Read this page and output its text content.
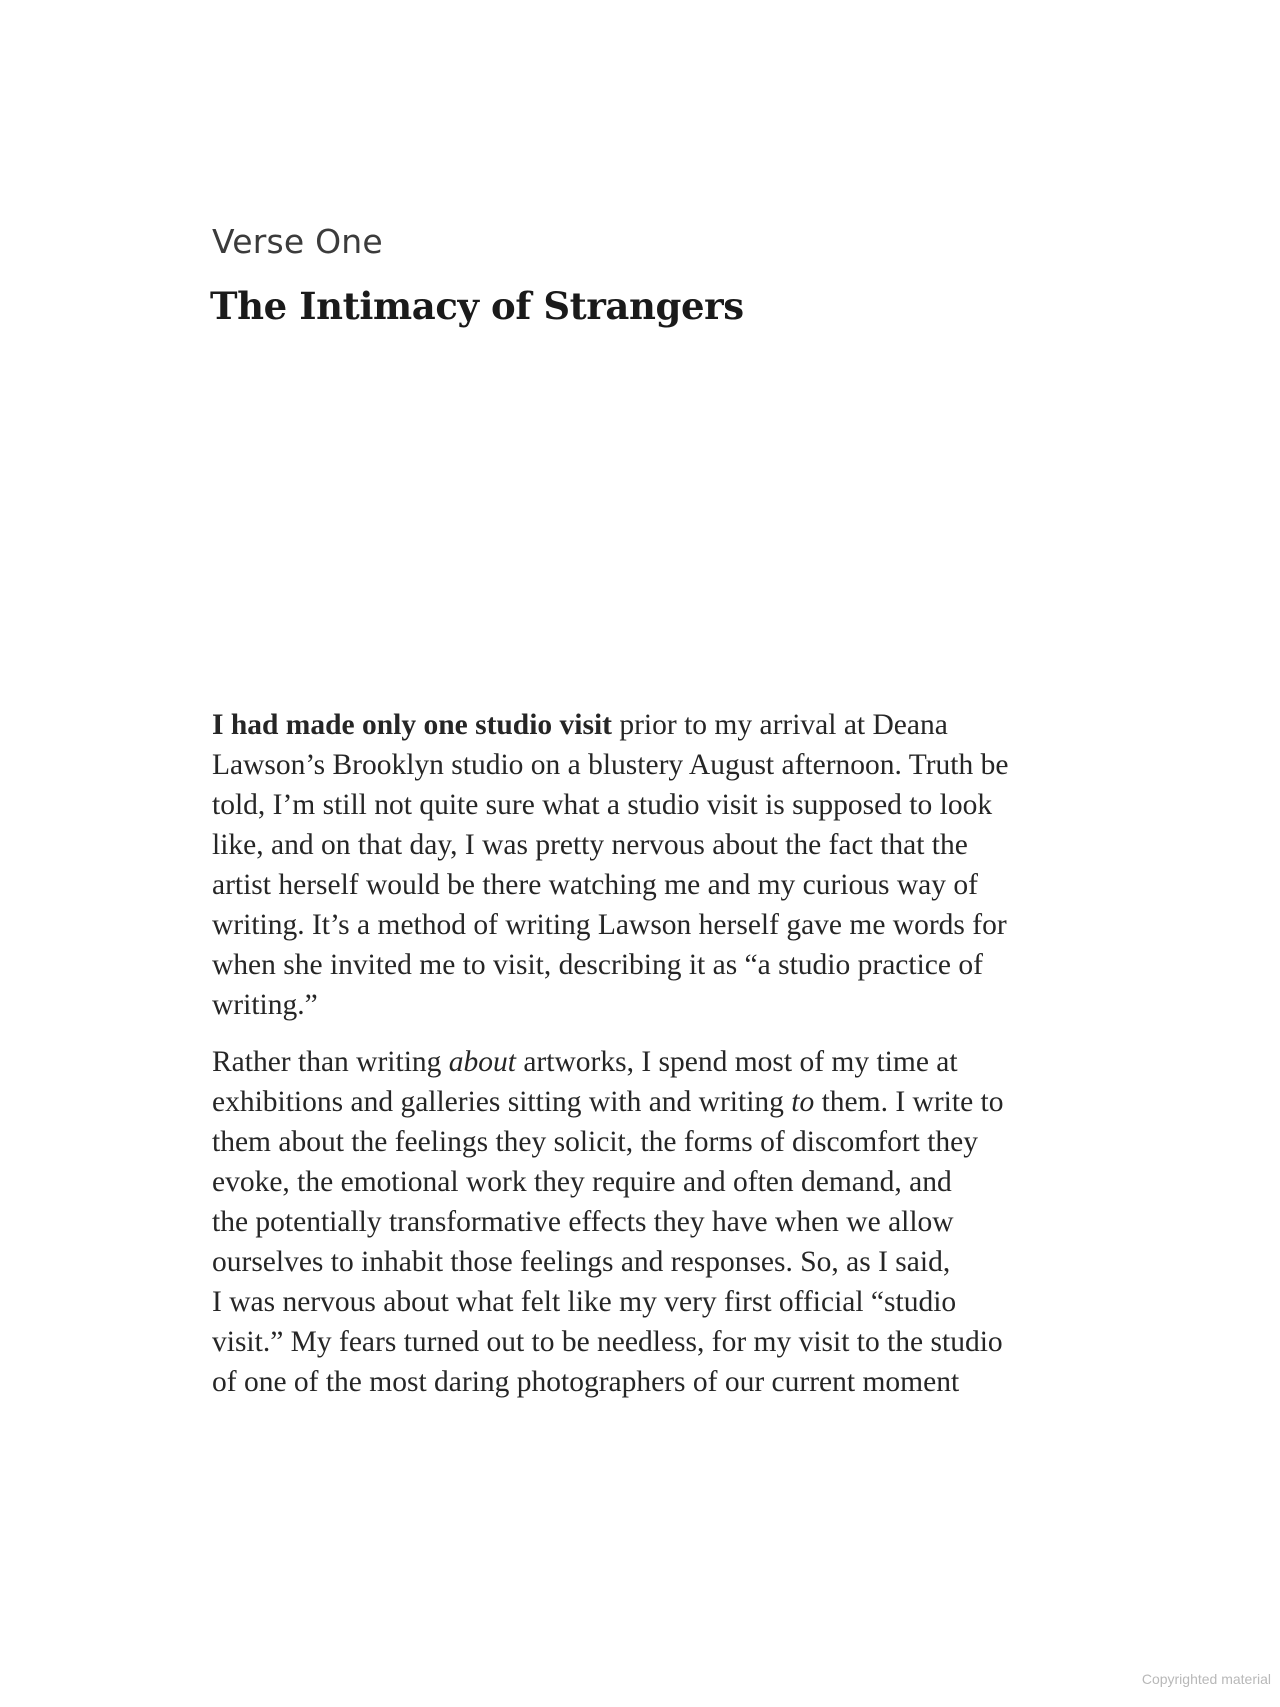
Verse One
The Intimacy of Strangers

I had made only one studio visit prior to my arrival at Deana
Lawson’s Brooklyn studio on a blustery August afternoon. Truth be
told, I’m still not quite sure what a studio visit is supposed to look
like, and on that day, I was pretty nervous about the fact that the
artist herself would be there watching me and my curious way of
writing. It’s a method of writing Lawson herself gave me words for
when she invited me to visit, describing it as “a studio practice of
writing.”

Rather than writing about artworks, I spend most of my time at
exhibitions and galleries sitting with and writing to them. I write to
them about the feelings they solicit, the forms of discomfort they
evoke, the emotional work they require and often demand, and
the potentially transformative effects they have when we allow
ourselves to inhabit those feelings and responses. So, as I said,
I was nervous about what felt like my very first official “studio
visit.” My fears turned out to be needless, for my visit to the studio
of one of the most daring photographers of our current moment

Copyrighted material
